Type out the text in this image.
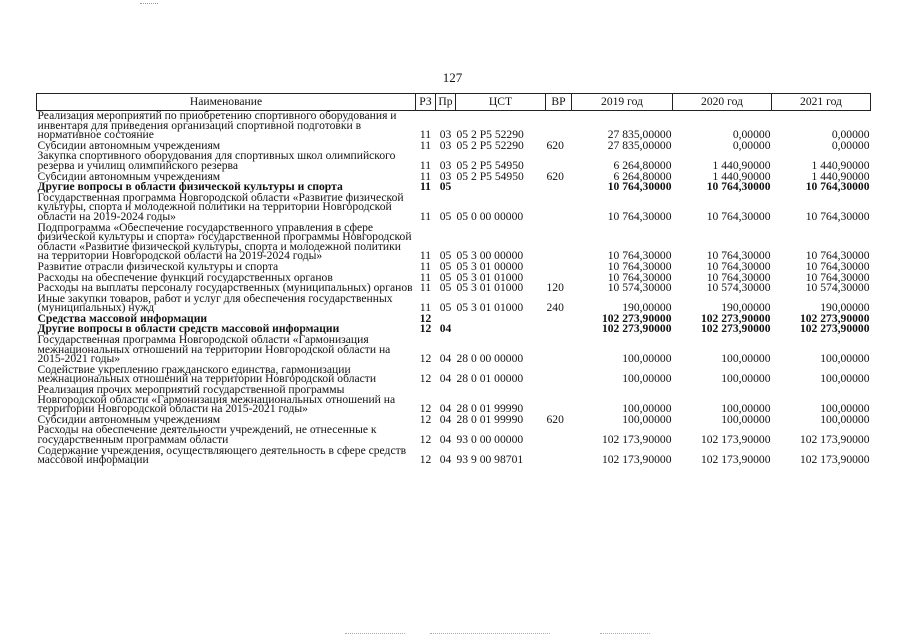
127
Наименование	РЗ	Пр	ЦСТ	ВР	2019 год	2020 год	2021 год
Реализация мероприятий по приобретению спортивного оборудования и инвентаря для приведения организаций спортивной подготовки в нормативное состояние	11	03	05 2 P5 52290		27 835,00000	0,00000	0,00000
Субсидии автономным учреждениям	11	03	05 2 P5 52290	620	27 835,00000	0,00000	0,00000
Закупка спортивного оборудования для спортивных школ олимпийского резерва и училищ олимпийского резерва	11	03	05 2 P5 54950		6 264,80000	1 440,90000	1 440,90000
Субсидии автономным учреждениям	11	03	05 2 P5 54950	620	6 264,80000	1 440,90000	1 440,90000
Другие вопросы в области физической культуры и спорта	11	05			10 764,30000	10 764,30000	10 764,30000
Государственная программа Новгородской области «Развитие физической культуры, спорта и молодежной политики на территории Новгородской области на 2019-2024 годы»	11	05	05 0 00 00000		10 764,30000	10 764,30000	10 764,30000
Подпрограмма «Обеспечение государственного управления в сфере физической культуры и спорта» государственной программы Новгородской области «Развитие физической культуры, спорта и молодежной политики на территории Новгородской области на 2019-2024 годы»	11	05	05 3 00 00000		10 764,30000	10 764,30000	10 764,30000
Развитие отрасли физической культуры и спорта	11	05	05 3 01 00000		10 764,30000	10 764,30000	10 764,30000
Расходы на обеспечение функций государственных органов	11	05	05 3 01 01000		10 764,30000	10 764,30000	10 764,30000
Расходы на выплаты персоналу государственных (муниципальных) органов	11	05	05 3 01 01000	120	10 574,30000	10 574,30000	10 574,30000
Иные закупки товаров, работ и услуг для обеспечения государственных (муниципальных) нужд	11	05	05 3 01 01000	240	190,00000	190,00000	190,00000
Средства массовой информации	12				102 273,90000	102 273,90000	102 273,90000
Другие вопросы в области средств массовой информации	12	04			102 273,90000	102 273,90000	102 273,90000
Государственная программа Новгородской области «Гармонизация межнациональных отношений на территории Новгородской области на 2015-2021 годы»	12	04	28 0 00 00000		100,00000	100,00000	100,00000
Содействие укреплению гражданского единства, гармонизации межнациональных отношений на территории Новгородской области	12	04	28 0 01 00000		100,00000	100,00000	100,00000
Реализация прочих мероприятий государственной программы Новгородской области «Гармонизация межнациональных отношений на территории Новгородской области на 2015-2021 годы»	12	04	28 0 01 99990		100,00000	100,00000	100,00000
Субсидии автономным учреждениям	12	04	28 0 01 99990	620	100,00000	100,00000	100,00000
Расходы на обеспечение деятельности учреждений, не отнесенные к государственным программам области	12	04	93 0 00 00000		102 173,90000	102 173,90000	102 173,90000
Содержание учреждения, осуществляющего деятельность в сфере средств массовой информации	12	04	93 9 00 98701		102 173,90000	102 173,90000	102 173,90000
